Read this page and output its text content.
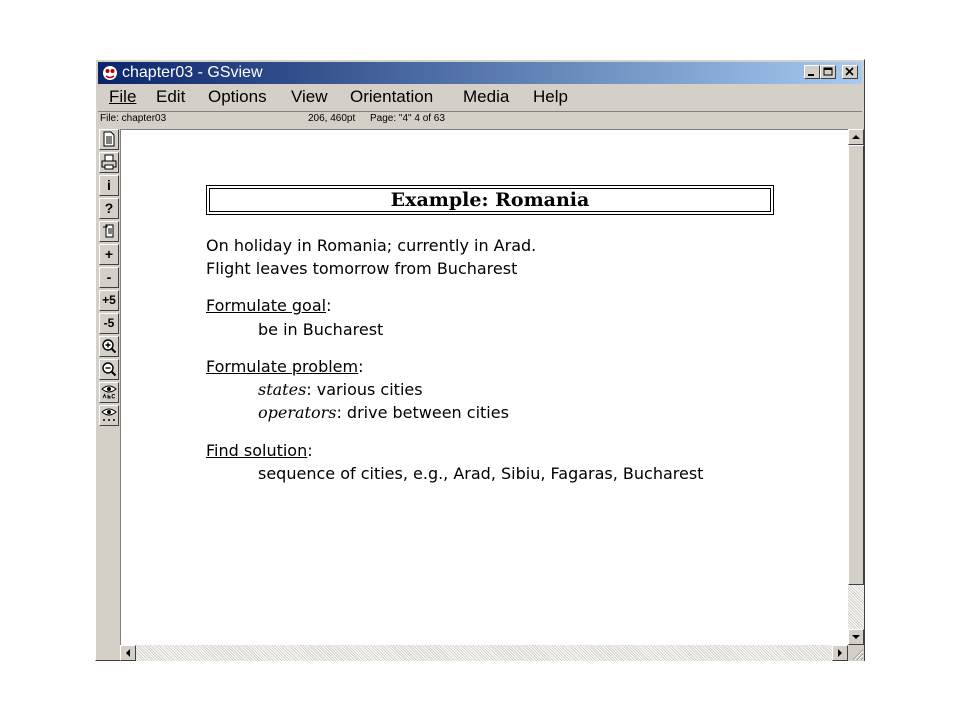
chapter03 - GSview
File Edit Options View Orientation Media Help
File: chapter03	206, 460pt Page: "4" 4 of 63
i
?
+
-
+5
-5
Example: Romania
On holiday in Romania; currently in Arad.
Flight leaves tomorrow from Bucharest
Formulate goal:
be in Bucharest
Formulate problem:
states: various cities
operators: drive between cities
Find solution:
sequence of cities, e.g., Arad, Sibiu, Fagaras, Bucharest
